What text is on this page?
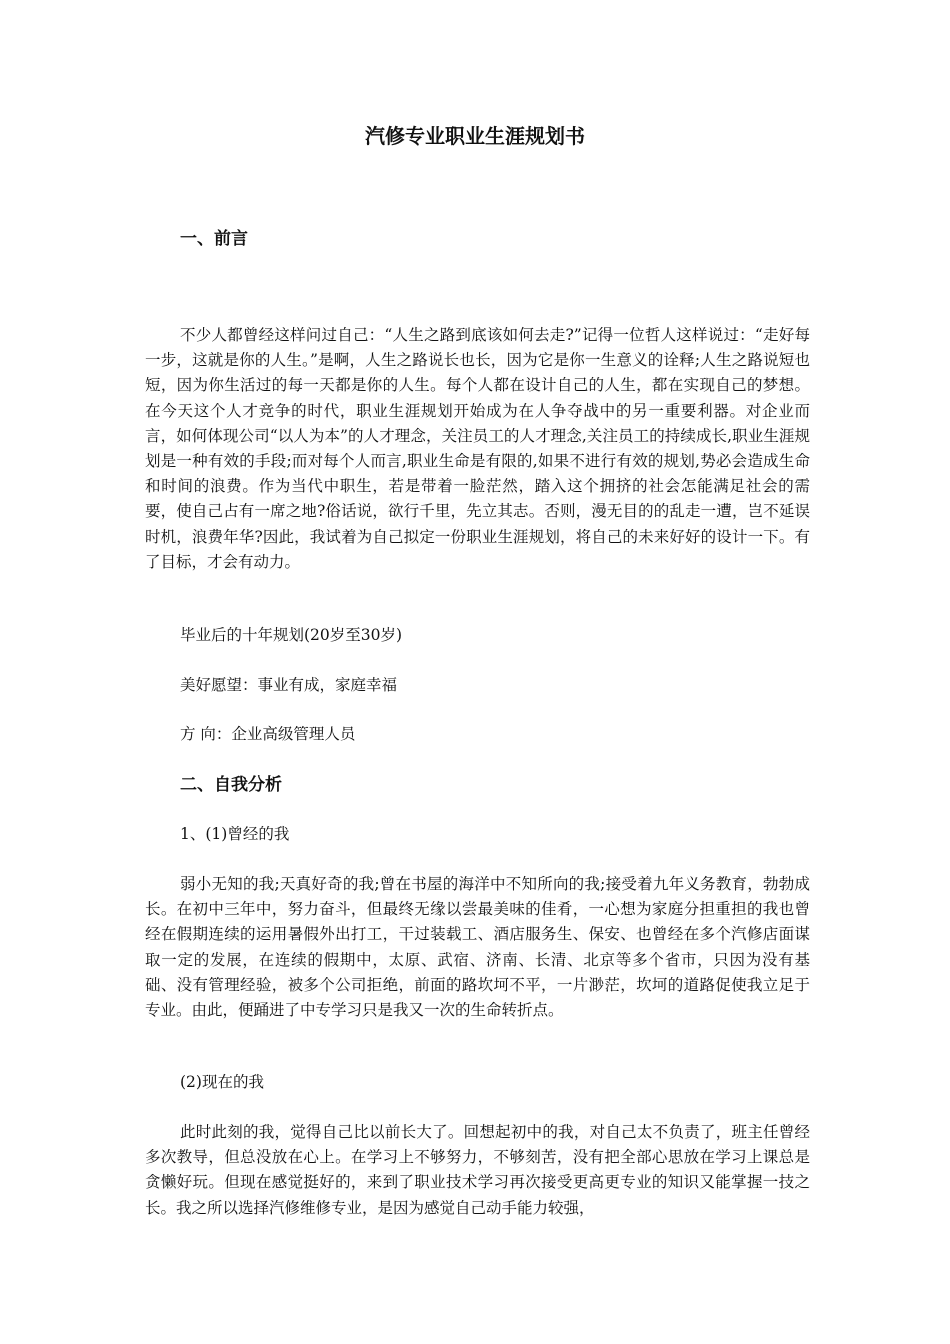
汽修专业职业生涯规划书
一、前言

不少人都曾经这样问过自己：“人生之路到底该如何去走?”记得一位哲人这样说过：“走好每一步，这就是你的人生。”是啊，人生之路说长也长，因为它是你一生意义的诠释;人生之路说短也短，因为你生活过的每一天都是你的人生。每个人都在设计自己的人生，都在实现自己的梦想。在今天这个人才竞争的时代，职业生涯规划开始成为在人争夺战中的另一重要利器。对企业而言，如何体现公司“以人为本”的人才理念，关注员工的人才理念,关注员工的持续成长,职业生涯规划是一种有效的手段;而对每个人而言,职业生命是有限的,如果不进行有效的规划,势必会造成生命和时间的浪费。作为当代中职生，若是带着一脸茫然，踏入这个拥挤的社会怎能满足社会的需要，使自己占有一席之地?俗话说，欲行千里，先立其志。否则，漫无目的的乱走一遭，岂不延误时机，浪费年华?因此，我试着为自己拟定一份职业生涯规划，将自己的未来好好的设计一下。有了目标，才会有动力。

毕业后的十年规划(20岁至30岁)

美好愿望：事业有成，家庭幸福

方 向：企业高级管理人员

二、自我分析

1、(1)曾经的我

弱小无知的我;天真好奇的我;曾在书屋的海洋中不知所向的我;接受着九年义务教育，勃勃成长。在初中三年中，努力奋斗，但最终无缘以尝最美味的佳肴，一心想为家庭分担重担的我也曾经在假期连续的运用暑假外出打工，干过装载工、酒店服务生、保安、也曾经在多个汽修店面谋取一定的发展，在连续的假期中，太原、武宿、济南、长清、北京等多个省市，只因为没有基础、没有管理经验，被多个公司拒绝，前面的路坎坷不平，一片渺茫，坎坷的道路促使我立足于专业。由此，便踊进了中专学习只是我又一次的生命转折点。

(2)现在的我

此时此刻的我，觉得自己比以前长大了。回想起初中的我，对自己太不负责了，班主任曾经多次教导，但总没放在心上。在学习上不够努力，不够刻苦，没有把全部心思放在学习上课总是贪懒好玩。但现在感觉挺好的，来到了职业技术学习再次接受更高更专业的知识又能掌握一技之长。我之所以选择汽修维修专业，是因为感觉自己动手能力较强，
